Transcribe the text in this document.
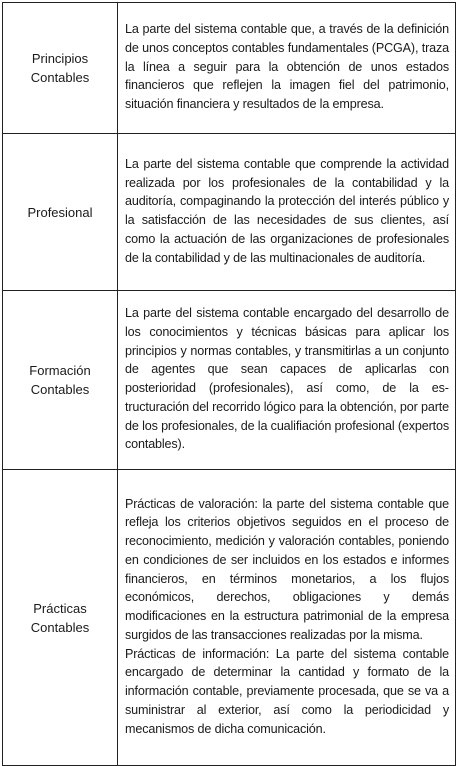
Principios Contables	La parte del sistema contable que, a través de la definición de unos conceptos contables fundamentales (PCGA), traza la línea a seguir para la obtención de unos estados financieros que reflejen la imagen fiel del patrimonio, situación financiera y resultados de la empresa.

Profesional	La parte del sistema contable que comprende la actividad realizada por los profesionales de la contabilidad y la auditoría, compaginando la protección del interés público y la satisfacción de las necesidades de sus clientes, así como la actuación de las organizaciones de profesionales de la contabilidad y de las multinacionales de auditoría.

Formación Contables	La parte del sistema contable encargado del desarrollo de los conocimientos y técnicas básicas para aplicar los principios y normas contables, y transmitirlas a un conjunto de agentes que sean capaces de aplicarlas con posterioridad (profesionales), así como, de la estructuración del recorrido lógico para la obtención, por parte de los profesionales, de la cualifiación profesional (expertos contables).

Prácticas Contables	Prácticas de valoración: la parte del sistema contable que refleja los criterios objetivos seguidos en el proceso de reconocimiento, medición y valoración contables, poniendo en condiciones de ser incluidos en los estados e informes financieros, en términos monetarios, a los flujos económicos, derechos, obligaciones y demás modificaciones en la estructura patrimonial de la empresa surgidos de las transacciones realizadas por la misma.
Prácticas de información: La parte del sistema contable encargado de determinar la cantidad y formato de la información contable, previamente procesada, que se va a suministrar al exterior, así como la periodicidad y mecanismos de dicha comunicación.
